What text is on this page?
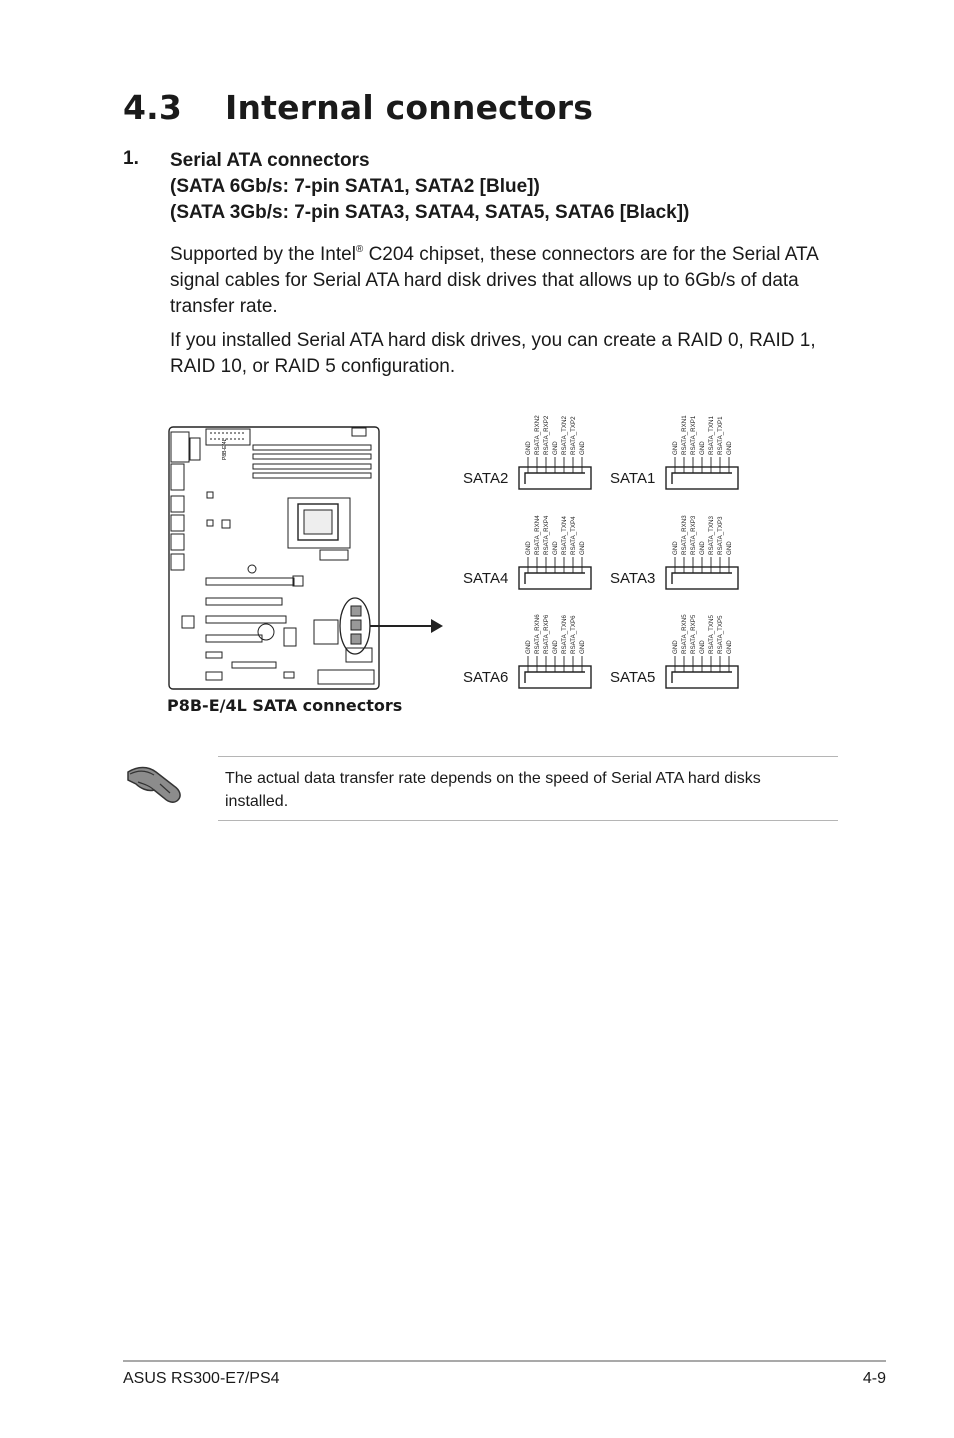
4.3 Internal connectors
1. Serial ATA connectors
(SATA 6Gb/s: 7-pin SATA1, SATA2 [Blue])
(SATA 3Gb/s: 7-pin SATA3, SATA4, SATA5, SATA6 [Black])

Supported by the Intel® C204 chipset, these connectors are for the Serial ATA signal cables for Serial ATA hard disk drives that allows up to 6Gb/s of data transfer rate.

If you installed Serial ATA hard disk drives, you can create a RAID 0, RAID 1, RAID 10, or RAID 5 configuration.

P8B-E/4L	GND RSATA_RXN2 RSATA_RXP2 GND RSATA_TXN2 RSATA_TXP2 GND	GND RSATA_RXN1 RSATA_RXP1 GND RSATA_TXN1 RSATA_TXP1 GND
GND RSATA_RXN4 RSATA_RXP4 GND RSATA_TXN4 RSATA_TXP4 GND	GND RSATA_RXN3 RSATA_RXP3 GND RSATA_TXN3 RSATA_TXP3 GND
GND RSATA_RXN6 RSATA_RXP6 GND RSATA_TXN6 RSATA_TXP6 GND	GND RSATA_RXN5 RSATA_RXP5 GND RSATA_TXN5 RSATA_TXP5 GND
SATA2	SATA1
SATA4	SATA3
SATA6	SATA5
P8B-E/4L SATA connectors
The actual data transfer rate depends on the speed of Serial ATA hard disks installed.
ASUS RS300-E7/PS4	4-9
